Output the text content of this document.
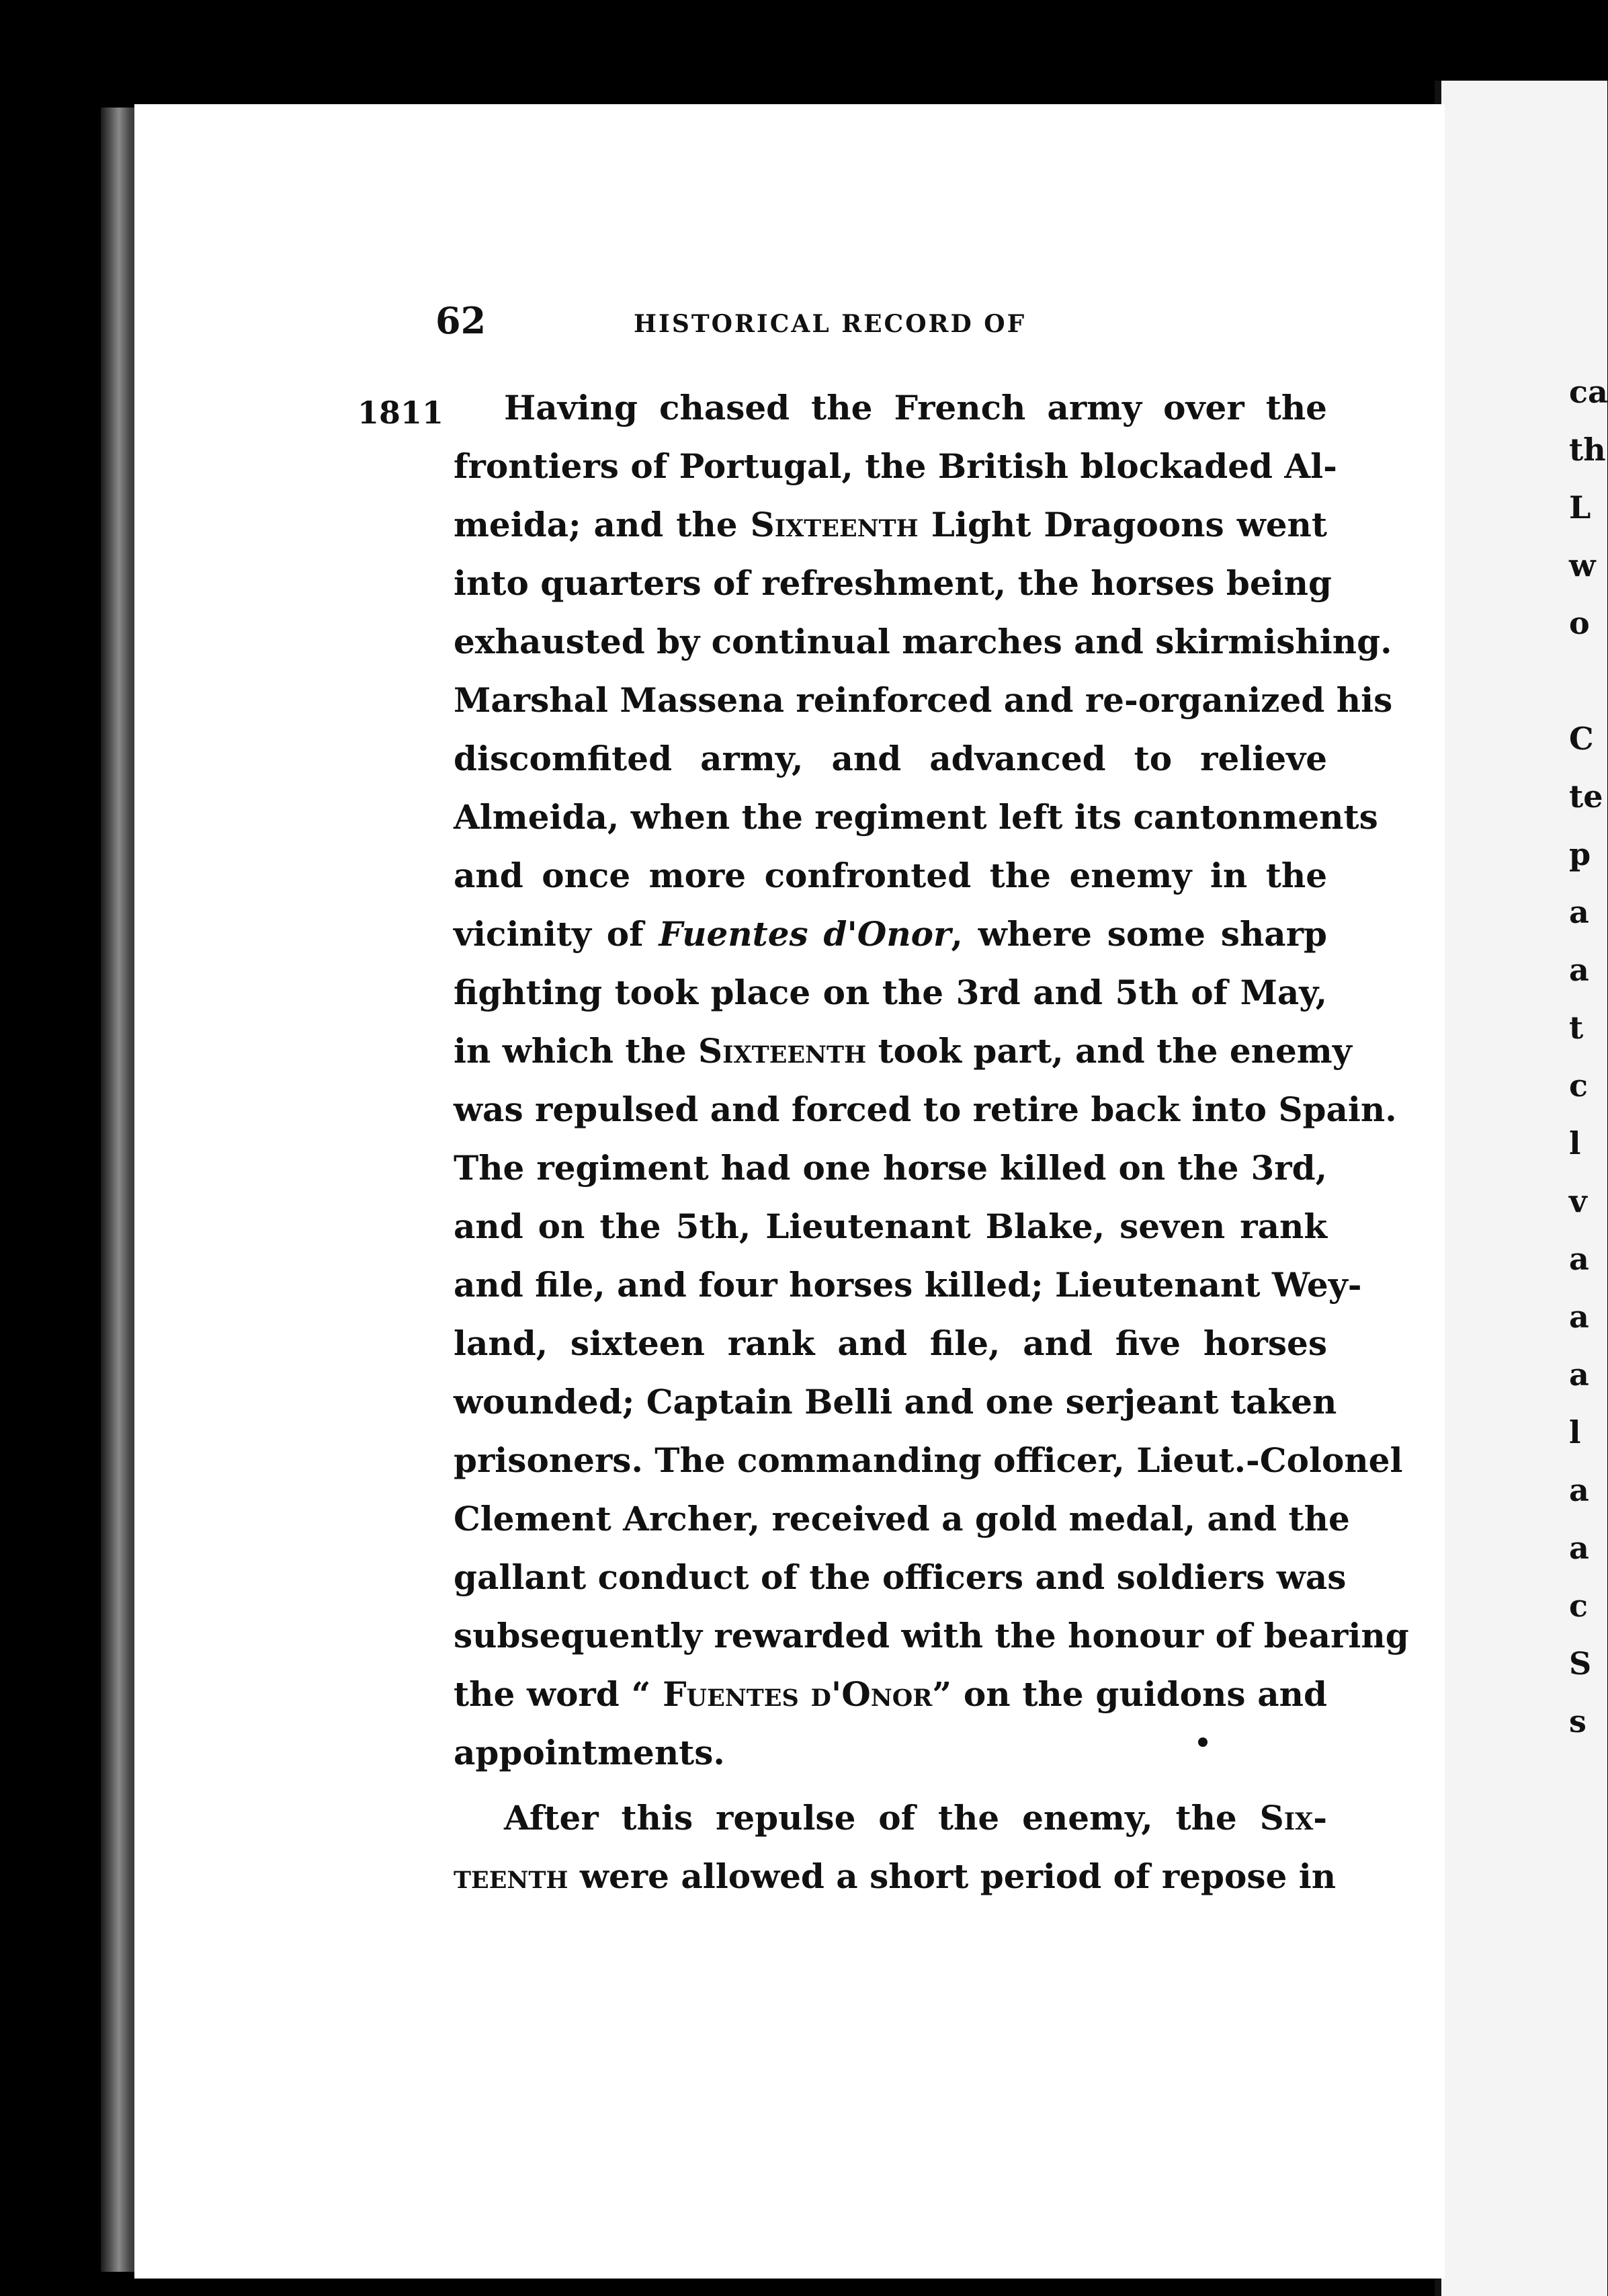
62	HISTORICAL RECORD OF
1811	Having chased the French army over the
frontiers of Portugal, the British blockaded Al-
meida; and the Sixteenth Light Dragoons went
into quarters of refreshment, the horses being
exhausted by continual marches and skirmishing.
Marshal Massena reinforced and re-organized his
discomfited army, and advanced to relieve
Almeida, when the regiment left its cantonments
and once more confronted the enemy in the
vicinity of Fuentes d'Onor, where some sharp
fighting took place on the 3rd and 5th of May,
in which the Sixteenth took part, and the enemy
was repulsed and forced to retire back into Spain.
The regiment had one horse killed on the 3rd,
and on the 5th, Lieutenant Blake, seven rank
and file, and four horses killed; Lieutenant Wey-
land, sixteen rank and file, and five horses
wounded; Captain Belli and one serjeant taken
prisoners. The commanding officer, Lieut.-Colonel
Clement Archer, received a gold medal, and the
gallant conduct of the officers and soldiers was
subsequently rewarded with the honour of bearing
the word “ Fuentes d'Onor” on the guidons and
appointments.
After this repulse of the enemy, the Six-
teenth were allowed a short period of repose in
ca
th
L
w
o
C
te
p
a
a
t
c
l
v
a
a
a
l
a
a
c
S
s
